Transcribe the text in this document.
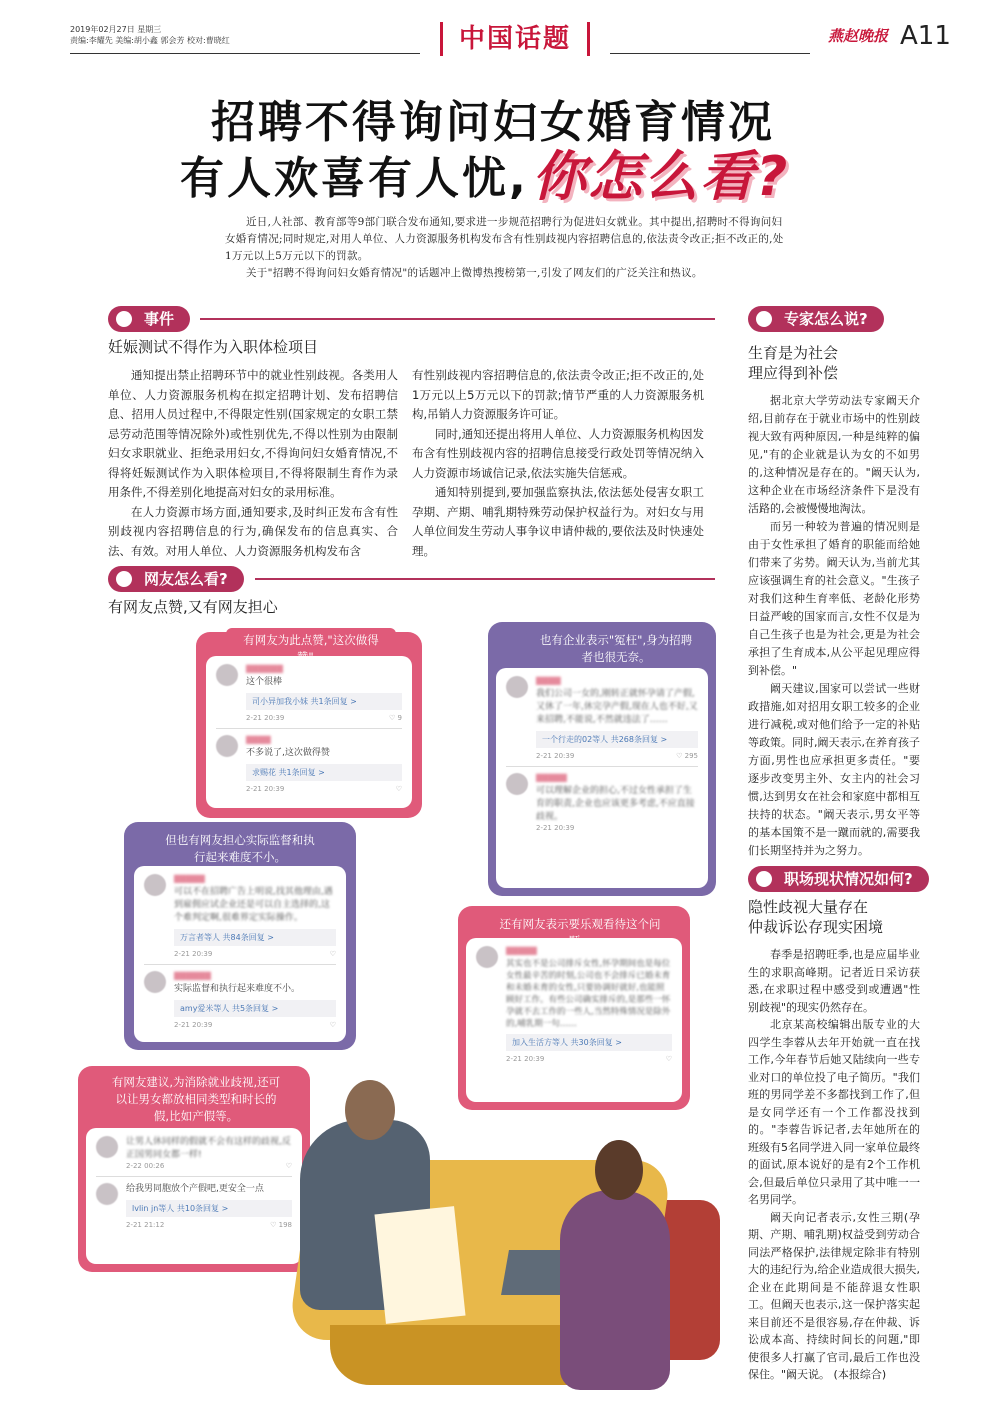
2019年02月27日 星期三
责编:李耀先 美编:胡小鑫 郭会芳 校对:曹晓红	中国话题	燕赵晚报 A11
招聘不得询问妇女婚育情况
有人欢喜有人忧, 你怎么看?

近日,人社部、教育部等9部门联合发布通知,要求进一步规范招聘行为促进妇女就业。其中提出,招聘时不得询问妇女婚育情况;同时规定,对用人单位、人力资源服务机构发布含有性别歧视内容招聘信息的,依法责令改正;拒不改正的,处1万元以上5万元以下的罚款。

关于"招聘不得询问妇女婚育情况"的话题冲上微博热搜榜第一,引发了网友们的广泛关注和热议。

事件
妊娠测试不得作为入职体检项目

通知提出禁止招聘环节中的就业性别歧视。各类用人单位、人力资源服务机构在拟定招聘计划、发布招聘信息、招用人员过程中,不得限定性别(国家规定的女职工禁忌劳动范围等情况除外)或性别优先,不得以性别为由限制妇女求职就业、拒绝录用妇女,不得询问妇女婚育情况,不得将妊娠测试作为入职体检项目,不得将限制生育作为录用条件,不得差别化地提高对妇女的录用标准。

在人力资源市场方面,通知要求,及时纠正发布含有性别歧视内容招聘信息的行为,确保发布的信息真实、合法、有效。对用人单位、人力资源服务机构发布含

有性别歧视内容招聘信息的,依法责令改正;拒不改正的,处1万元以上5万元以下的罚款;情节严重的人力资源服务机构,吊销人力资源服务许可证。

同时,通知还提出将用人单位、人力资源服务机构因发布含有性别歧视内容的招聘信息接受行政处罚等情况纳入人力资源市场诚信记录,依法实施失信惩戒。

通知特别提到,要加强监察执法,依法惩处侵害女职工孕期、产期、哺乳期特殊劳动保护权益行为。对妇女与用人单位间发生劳动人事争议申请仲裁的,要依法及时快速处理。

网友怎么看?
有网友点赞,又有网友担心
有网友为此点赞,"这次做得
▇▇▇▇▇▇
这个很棒
司小异加我小妹 共1条回复 >
2-21 20:39	♡ 9
▇▇▇▇
不多说了,这次做得赞
求赐花 共1条回复 >
2-21 20:39	♡
但也有网友担心实际监督和执行起来难度不小。
▇▇▇▇▇
可以不在招聘广告上明说,找其他理由,遇到雇佣应试企业还是可以自主选择的,这个难判定啊,很难界定实际操作。
万言者等人 共84条回复 >
2-21 20:39	♡
▇▇▇▇▇▇
实际监督和执行起来难度不小。
amy爱米等人 共5条回复 >
2-21 20:39	♡
也有企业表示"冤枉",身为招聘者也很无奈。
▇▇▇▇
我们公司一女的,刚转正就怀孕请了产假,又休了一年,休完孕产假,现在人也不好,又来招聘,不能说,不然就违法了……
一个行走的02等人 共268条回复 >
2-21 20:39	♡ 295
▇▇▇▇▇
可以理解企业的担心,不过女性承担了生育的职责,企业也应该更多考虑,不应直接歧视。
2-21 20:39
还有网友表示要乐观看待这个问
▇▇▇▇▇
其实也不是公司排斥女性,怀孕期间也是每位女性最辛苦的时刻,公司也不会排斥已婚未育和未婚未育的女性,只要协调好就好,也能照顾好工作。有些公司确实排斥的,是那些一怀孕就不去工作的一些人,当然特殊情况是除外的,哺乳期一句……
加入生活方等人 共30条回复 >
2-21 20:39	♡
有网友建议,为消除就业歧视,还可以让男女都放相同类型和时长的假,比如产假等。
让男人休同样的假就不会有这样的歧视,反正国男同女都一样!
2-22 00:26	♡
给我男同胞放个产假吧,更安全一点
lvlin jn等人 共10条回复 >
2-21 21:12	♡ 198
专家怎么说?
生育是为社会
理应得到补偿

据北京大学劳动法专家阚天介绍,目前存在于就业市场中的性别歧视大致有两种原因,一种是纯粹的偏见,"有的企业就是认为女的不如男的,这种情况是存在的。"阚天认为,这种企业在市场经济条件下是没有活路的,会被慢慢地淘汰。

而另一种较为普遍的情况则是由于女性承担了婚育的职能而给她们带来了劣势。阚天认为,当前尤其应该强调生育的社会意义。"生孩子对我们这种生育率低、老龄化形势日益严峻的国家而言,女性不仅是为自己生孩子也是为社会,更是为社会承担了生育成本,从公平起见理应得到补偿。"

阚天建议,国家可以尝试一些财政措施,如对招用女职工较多的企业进行减税,或对他们给予一定的补贴等政策。同时,阚天表示,在养育孩子方面,男性也应承担更多责任。"要逐步改变男主外、女主内的社会习惯,达到男女在社会和家庭中都相互扶持的状态。"阚天表示,男女平等的基本国策不是一蹴而就的,需要我们长期坚持并为之努力。

职场现状情况如何?
隐性歧视大量存在
仲裁诉讼存现实困境

春季是招聘旺季,也是应届毕业生的求职高峰期。记者近日采访获悉,在求职过程中感受到或遭遇"性别歧视"的现实仍然存在。

北京某高校编辑出版专业的大四学生李蓉从去年开始就一直在找工作,今年春节后她又陆续向一些专业对口的单位投了电子简历。"我们班的男同学差不多都找到工作了,但是女同学还有一个工作都没找到的。"李蓉告诉记者,去年她所在的班级有5名同学进入同一家单位最终的面试,原本说好的是有2个工作机会,但最后单位只录用了其中唯一一名男同学。

阚天向记者表示,女性三期(孕期、产期、哺乳期)权益受到劳动合同法严格保护,法律规定除非有特别大的违纪行为,给企业造成很大损失,企业在此期间是不能辞退女性职工。但阚天也表示,这一保护落实起来目前还不是很容易,存在仲裁、诉讼成本高、持续时间长的问题,"即使很多人打赢了官司,最后工作也没保住。"阚天说。 (本报综合)
